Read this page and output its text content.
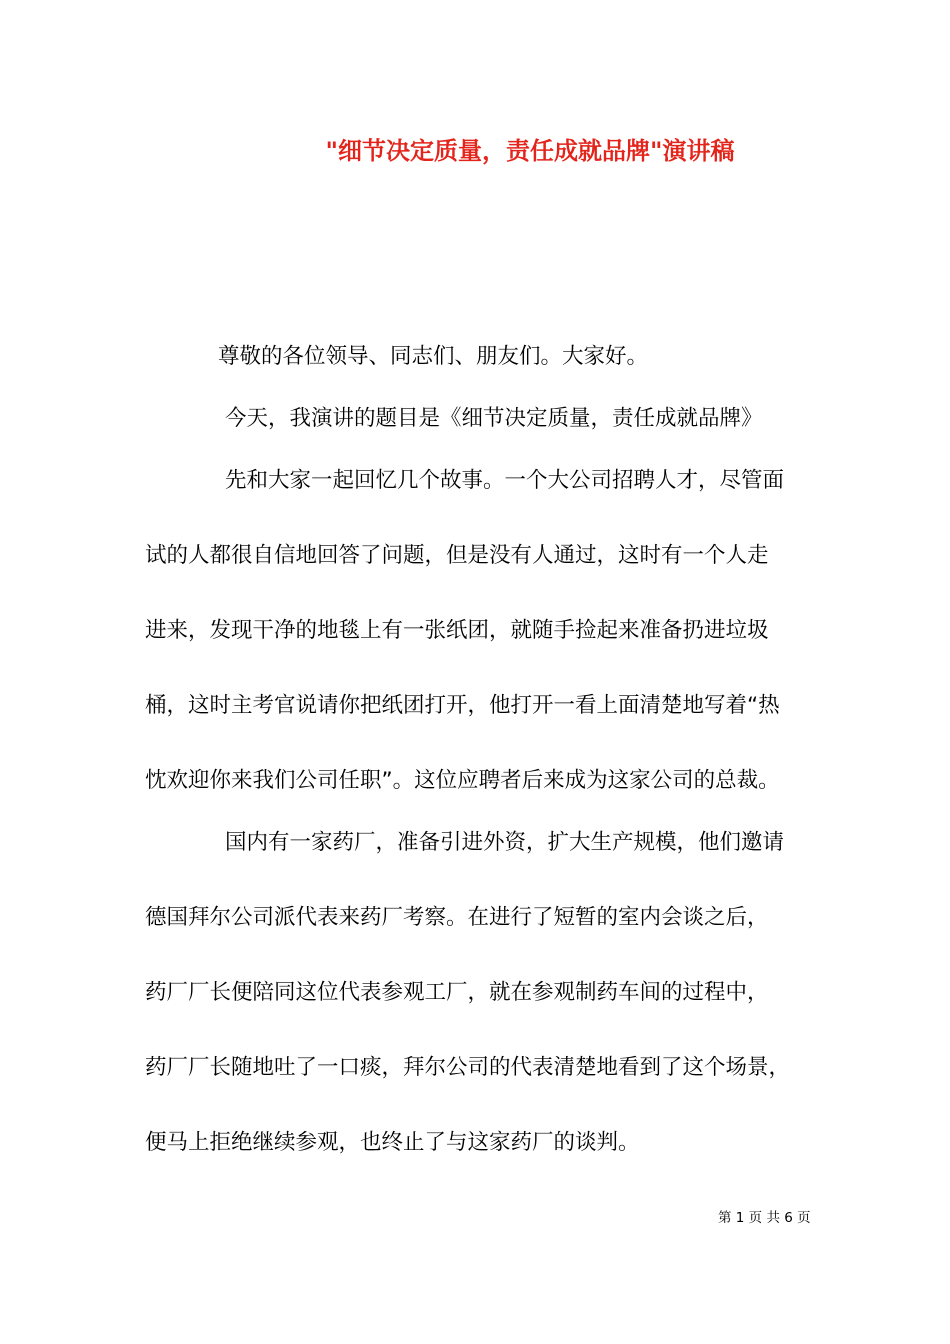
"细节决定质量，责任成就品牌"演讲稿
尊敬的各位领导、同志们、朋友们。大家好。
今天，我演讲的题目是《细节决定质量，责任成就品牌》
先和大家一起回忆几个故事。一个大公司招聘人才，尽管面
试的人都很自信地回答了问题，但是没有人通过，这时有一个人走
进来，发现干净的地毯上有一张纸团，就随手捡起来准备扔进垃圾
桶，这时主考官说请你把纸团打开，他打开一看上面清楚地写着“热
忱欢迎你来我们公司任职”。这位应聘者后来成为这家公司的总裁。
国内有一家药厂，准备引进外资，扩大生产规模，他们邀请
德国拜尔公司派代表来药厂考察。在进行了短暂的室内会谈之后，
药厂厂长便陪同这位代表参观工厂，就在参观制药车间的过程中，
药厂厂长随地吐了一口痰，拜尔公司的代表清楚地看到了这个场景，
便马上拒绝继续参观，也终止了与这家药厂的谈判。
第 1 页 共 6 页
